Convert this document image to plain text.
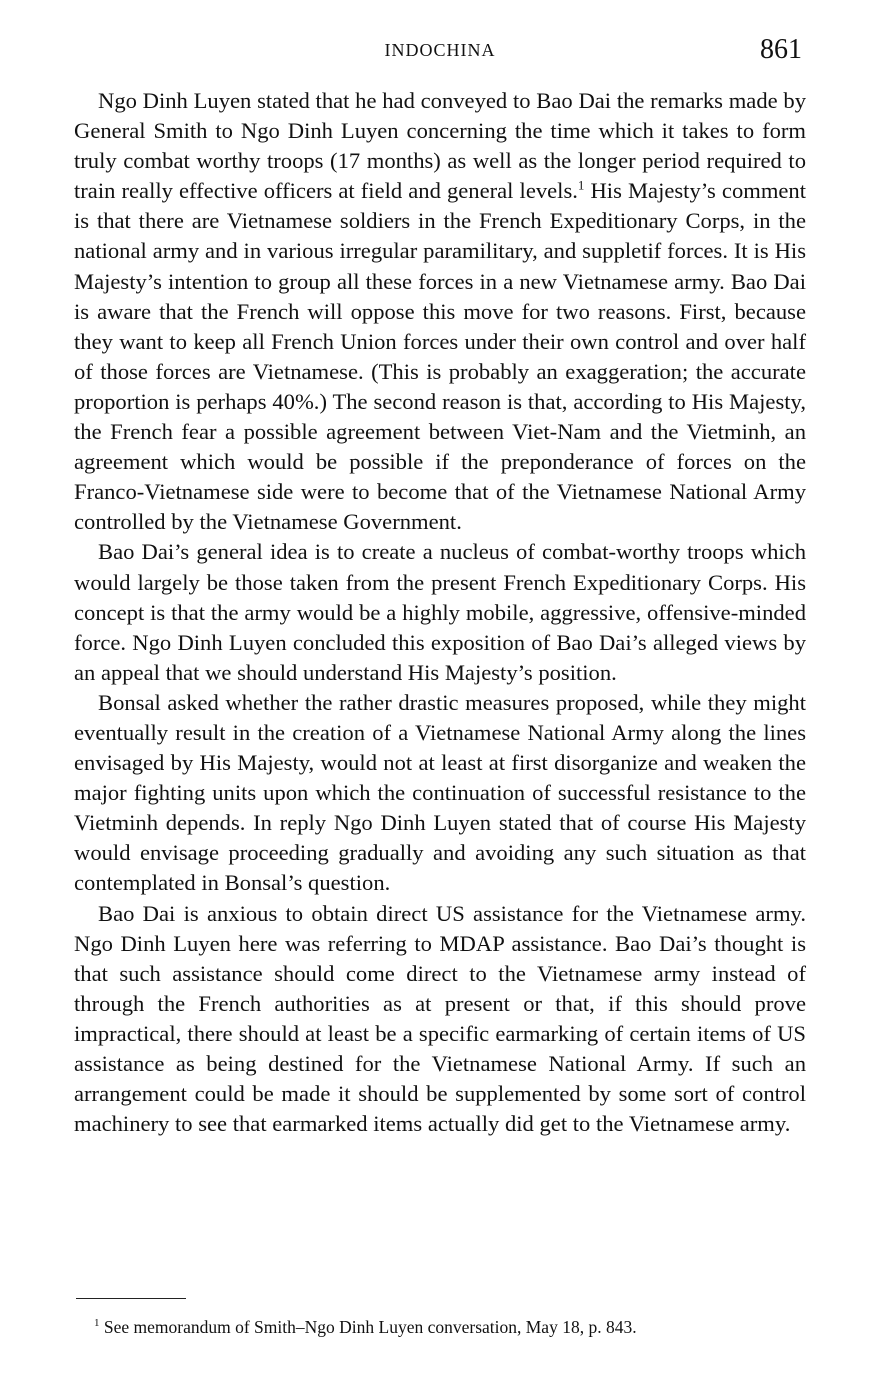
INDOCHINA	861

Ngo Dinh Luyen stated that he had conveyed to Bao Dai the remarks made by General Smith to Ngo Dinh Luyen concerning the time which it takes to form truly combat worthy troops (17 months) as well as the longer period required to train really effective officers at field and general levels.$^1$ His Majesty’s comment is that there are Vietnamese soldiers in the French Expeditionary Corps, in the national army and in various irregular paramilitary, and suppletif forces. It is His Majesty’s intention to group all these forces in a new Vietnamese army. Bao Dai is aware that the French will oppose this move for two reasons. First, because they want to keep all French Union forces under their own control and over half of those forces are Vietnamese. (This is probably an exaggeration; the accurate proportion is perhaps 40%.) The second reason is that, according to His Majesty, the French fear a possible agreement between Viet-Nam and the Vietminh, an agreement which would be possible if the preponderance of forces on the Franco-Vietnamese side were to become that of the Vietnamese National Army controlled by the Vietnamese Government.

Bao Dai’s general idea is to create a nucleus of combat-worthy troops which would largely be those taken from the present French Expeditionary Corps. His concept is that the army would be a highly mobile, aggressive, offensive-minded force. Ngo Dinh Luyen concluded this exposition of Bao Dai’s alleged views by an appeal that we should understand His Majesty’s position.

Bonsal asked whether the rather drastic measures proposed, while they might eventually result in the creation of a Vietnamese National Army along the lines envisaged by His Majesty, would not at least at first disorganize and weaken the major fighting units upon which the continuation of successful resistance to the Vietminh depends. In reply Ngo Dinh Luyen stated that of course His Majesty would envisage proceeding gradually and avoiding any such situation as that contemplated in Bonsal’s question.

Bao Dai is anxious to obtain direct US assistance for the Vietnamese army. Ngo Dinh Luyen here was referring to MDAP assistance. Bao Dai’s thought is that such assistance should come direct to the Vietnamese army instead of through the French authorities as at present or that, if this should prove impractical, there should at least be a specific earmarking of certain items of US assistance as being destined for the Vietnamese National Army. If such an arrangement could be made it should be supplemented by some sort of control machinery to see that earmarked items actually did get to the Vietnamese army.

$^1$ See memorandum of Smith–Ngo Dinh Luyen conversation, May 18, p. 843.
